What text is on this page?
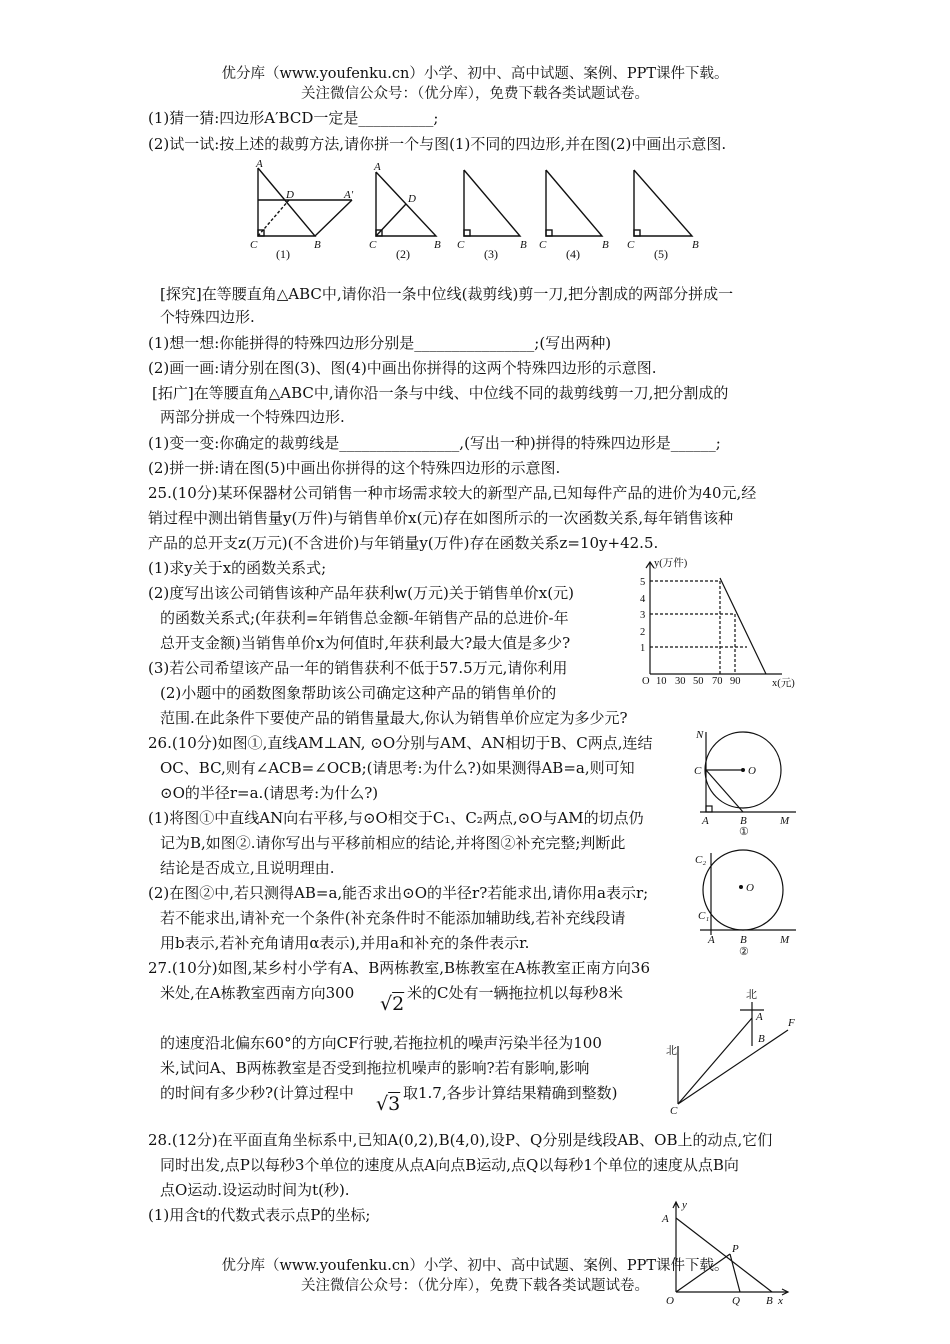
优分库（www.youfenku.cn）小学、初中、高中试题、案例、PPT课件下载。
关注微信公众号：（优分库），免费下载各类试题试卷。
(1)猜一猜:四边形A′BCD一定是__________;
(2)试一试:按上述的裁剪方法,请你拼一个与图(1)不同的四边形,并在图(2)中画出示意图.
A
C	B
D	A′
A
C	B
D
C	B C	B C	B
(1)	(2)	(3)	(4)	(5)
[探究]在等腰直角△ABC中,请你沿一条中位线(裁剪线)剪一刀,把分割成的两部分拼成一
个特殊四边形.
(1)想一想:你能拼得的特殊四边形分别是________________;(写出两种)
(2)画一画:请分别在图(3)、图(4)中画出你拼得的这两个特殊四边形的示意图.
[拓广]在等腰直角△ABC中,请你沿一条与中线、中位线不同的裁剪线剪一刀,把分割成的
两部分拼成一个特殊四边形.
(1)变一变:你确定的裁剪线是________________,(写出一种)拼得的特殊四边形是______;
(2)拼一拼:请在图(5)中画出你拼得的这个特殊四边形的示意图.
25.(10分)某环保器材公司销售一种市场需求较大的新型产品,已知每件产品的进价为40元,经
销过程中测出销售量y(万件)与销售单价x(元)存在如图所示的一次函数关系,每年销售该种
产品的总开支z(万元)(不含进价)与年销量y(万件)存在函数关系z=10y+42.5.
(1)求y关于x的函数关系式;
(2)度写出该公司销售该种产品年获利w(万元)关于销售单价x(元)
的函数关系式;(年获利=年销售总金额-年销售产品的总进价-年
总开支金额)当销售单价x为何值时,年获利最大?最大值是多少?
(3)若公司希望该产品一年的销售获利不低于57.5万元,请你利用
(2)小题中的函数图象帮助该公司确定这种产品的销售单价的
范围.在此条件下要使产品的销售量最大,你认为销售单价应定为多少元?
y(万件)
x(元)
O 10 30 50 70 90
5
4
3
2
1
26.(10分)如图①,直线AM⊥AN, ⊙O分别与AM、AN相切于B、C两点,连结
OC、BC,则有∠ACB=∠OCB;(请思考:为什么?)如果测得AB=a,则可知
⊙O的半径r=a.(请思考:为什么?)
(1)将图①中直线AN向右平移,与⊙O相交于C₁、C₂两点,⊙O与AM的切点仍
记为B,如图②.请你写出与平移前相应的结论,并将图②补充完整;判断此
结论是否成立,且说明理由.
(2)在图②中,若只测得AB=a,能否求出⊙O的半径r?若能求出,请你用a表示r;
若不能求出,请补充一个条件(补充条件时不能添加辅助线,若补充线段请
用b表示,若补充角请用α表示),并用a和补充的条件表示r.
N
C	O
A	B	M
①
C₂
C₁
O
A B	M
②
27.(10分)如图,某乡村小学有A、B两栋教室,B栋教室在A栋教室正南方向36
米处,在A栋教室西南方向300 √2 米的C处有一辆拖拉机以每秒8米
的速度沿北偏东60°的方向CF行驶,若拖拉机的噪声污染半径为100
米,试问A、B两栋教室是否受到拖拉机噪声的影响?若有影响,影响
的时间有多少秒?(计算过程中 √3 取1.7,各步计算结果精确到整数)
北
北
A
B
C
F
28.(12分)在平面直角坐标系中,已知A(0,2),B(4,0),设P、Q分别是线段AB、OB上的动点,它们
同时出发,点P以每秒3个单位的速度从点A向点B运动,点Q以每秒1个单位的速度从点B向
点O运动.设运动时间为t(秒).
(1)用含t的代数式表示点P的坐标;	A
y
P
O	Q B x
优分库（www.youfenku.cn）小学、初中、高中试题、案例、PPT课件下载。
关注微信公众号：（优分库），免费下载各类试题试卷。
